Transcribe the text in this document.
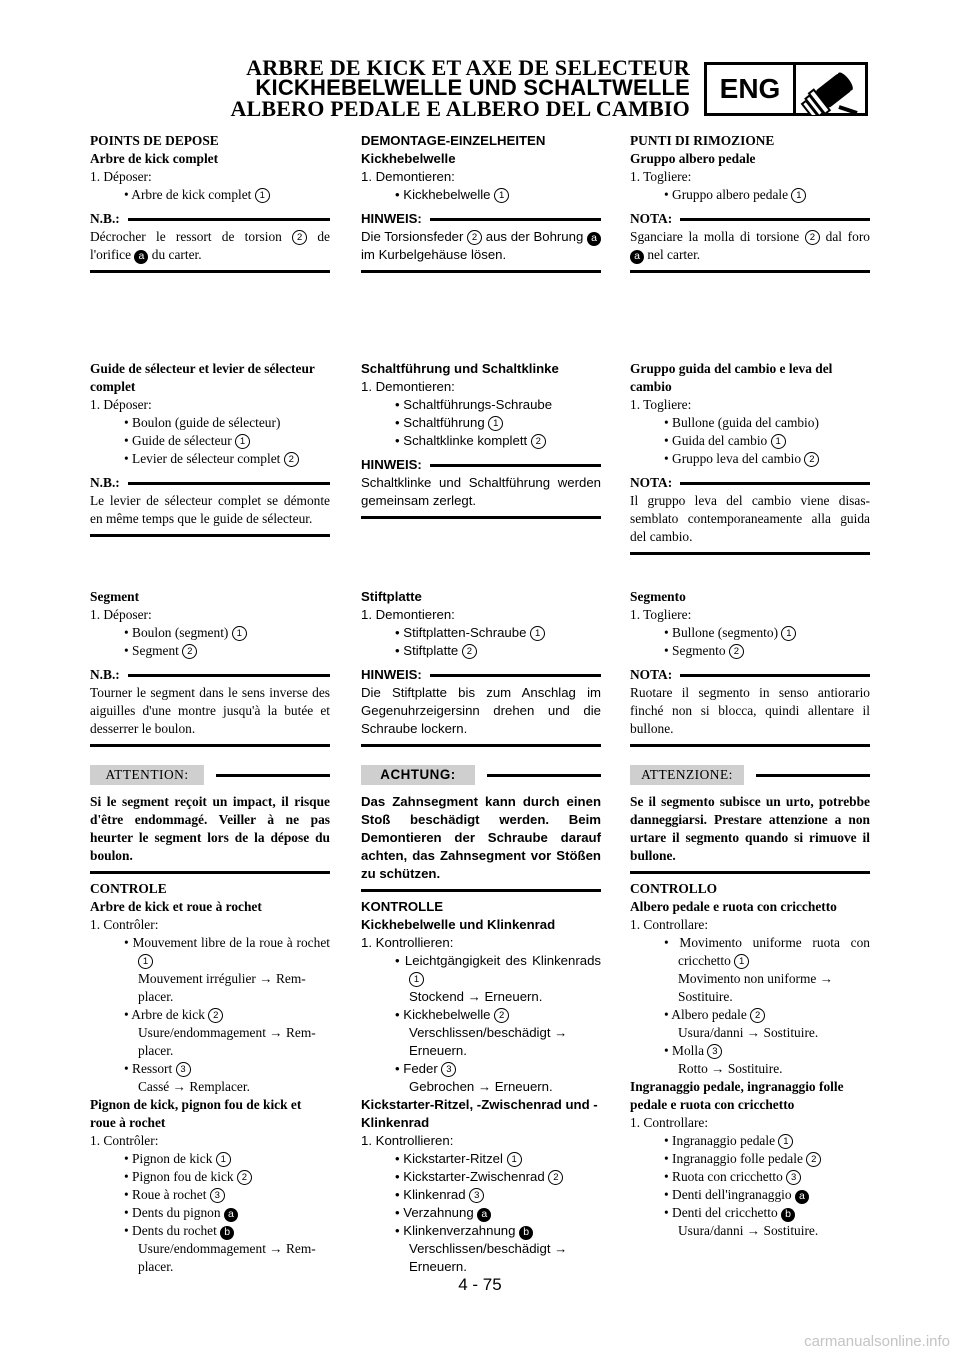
ARBRE DE KICK ET AXE DE SELECTEUR
KICKHEBELWELLE UND SCHALTWELLE
ALBERO PEDALE E ALBERO DEL CAMBIO
ENG

POINTS DE DEPOSE

Arbre de kick complet

1. Déposer:

• Arbre de kick complet 1

N.B.:

Décrocher le ressort de torsion 2 de l'orifice a du carter.

Guide de sélecteur et levier de sélecteur complet

1. Déposer:

• Boulon (guide de sélecteur)

• Guide de sélecteur 1

• Levier de sélecteur complet 2

N.B.:

Le levier de sélecteur complet se démonte en même temps que le guide de sélecteur.

Segment

1. Déposer:

• Boulon (segment) 1

• Segment 2

N.B.:

Tourner le segment dans le sens inverse des aiguilles d'une montre jusqu'à la butée et desserrer le boulon.

ATTENTION:

Si le segment reçoit un impact, il risque d'être endommagé. Veiller à ne pas heurter le segment lors de la dépose du boulon.

CONTROLE

Arbre de kick et roue à rochet

1. Contrôler:

• Mouvement libre de la roue à rochet 1

Mouvement irrégulier → Remplacer.

• Arbre de kick 2

Usure/endommagement → Remplacer.

• Ressort 3

Cassé → Remplacer.

Pignon de kick, pignon fou de kick et roue à rochet

1. Contrôler:

• Pignon de kick 1

• Pignon fou de kick 2

• Roue à rochet 3

• Dents du pignon a

• Dents du rochet b

Usure/endommagement → Remplacer.

DEMONTAGE-EINZELHEITEN

Kickhebelwelle

1. Demontieren:

• Kickhebelwelle 1

HINWEIS:

Die Torsionsfeder 2 aus der Bohrung a im Kurbelgehäuse lösen.

Schaltführung und Schaltklinke

1. Demontieren:

• Schaltführungs-Schraube

• Schaltführung 1

• Schaltklinke komplett 2

HINWEIS:

Schaltklinke und Schaltführung werden gemeinsam zerlegt.

Stiftplatte

1. Demontieren:

• Stiftplatten-Schraube 1

• Stiftplatte 2

HINWEIS:

Die Stiftplatte bis zum Anschlag im Gegenuhrzeigersinn drehen und die Schraube lockern.

ACHTUNG:

Das Zahnsegment kann durch einen Stoß beschädigt werden. Beim Demontieren der Schraube darauf achten, das Zahnsegment vor Stößen zu schützen.

KONTROLLE

Kickhebelwelle und Klinkenrad

1. Kontrollieren:

• Leichtgängigkeit des Klinkenrads 1

Stockend → Erneuern.

• Kickhebelwelle 2

Verschlissen/beschädigt → Erneuern.

• Feder 3

Gebrochen → Erneuern.

Kickstarter-Ritzel, -Zwischenrad und -Klinkenrad

1. Kontrollieren:

• Kickstarter-Ritzel 1

• Kickstarter-Zwischenrad 2

• Klinkenrad 3

• Verzahnung a

• Klinkenverzahnung b

Verschlissen/beschädigt → Erneuern.

PUNTI DI RIMOZIONE

Gruppo albero pedale

1. Togliere:

• Gruppo albero pedale 1

NOTA:

Sganciare la molla di torsione 2 dal foro a nel carter.

Gruppo guida del cambio e leva del cambio

1. Togliere:

• Bullone (guida del cambio)

• Guida del cambio 1

• Gruppo leva del cambio 2

NOTA:

Il gruppo leva del cambio viene disassemblato contemporaneamente alla guida del cambio.

Segmento

1. Togliere:

• Bullone (segmento) 1

• Segmento 2

NOTA:

Ruotare il segmento in senso antiorario finché non si blocca, quindi allentare il bullone.

ATTENZIONE:

Se il segmento subisce un urto, potrebbe danneggiarsi. Prestare attenzione a non urtare il segmento quando si rimuove il bullone.

CONTROLLO

Albero pedale e ruota con cricchetto

1. Controllare:

• Movimento uniforme ruota con cricchetto 1

Movimento non uniforme → Sostituire.

• Albero pedale 2

Usura/danni → Sostituire.

• Molla 3

Rotto → Sostituire.

Ingranaggio pedale, ingranaggio folle pedale e ruota con cricchetto

1. Controllare:

• Ingranaggio pedale 1

• Ingranaggio folle pedale 2

• Ruota con cricchetto 3

• Denti dell'ingranaggio a

• Denti del cricchetto b

Usura/danni → Sostituire.

4 - 75
carmanualsonline.info
